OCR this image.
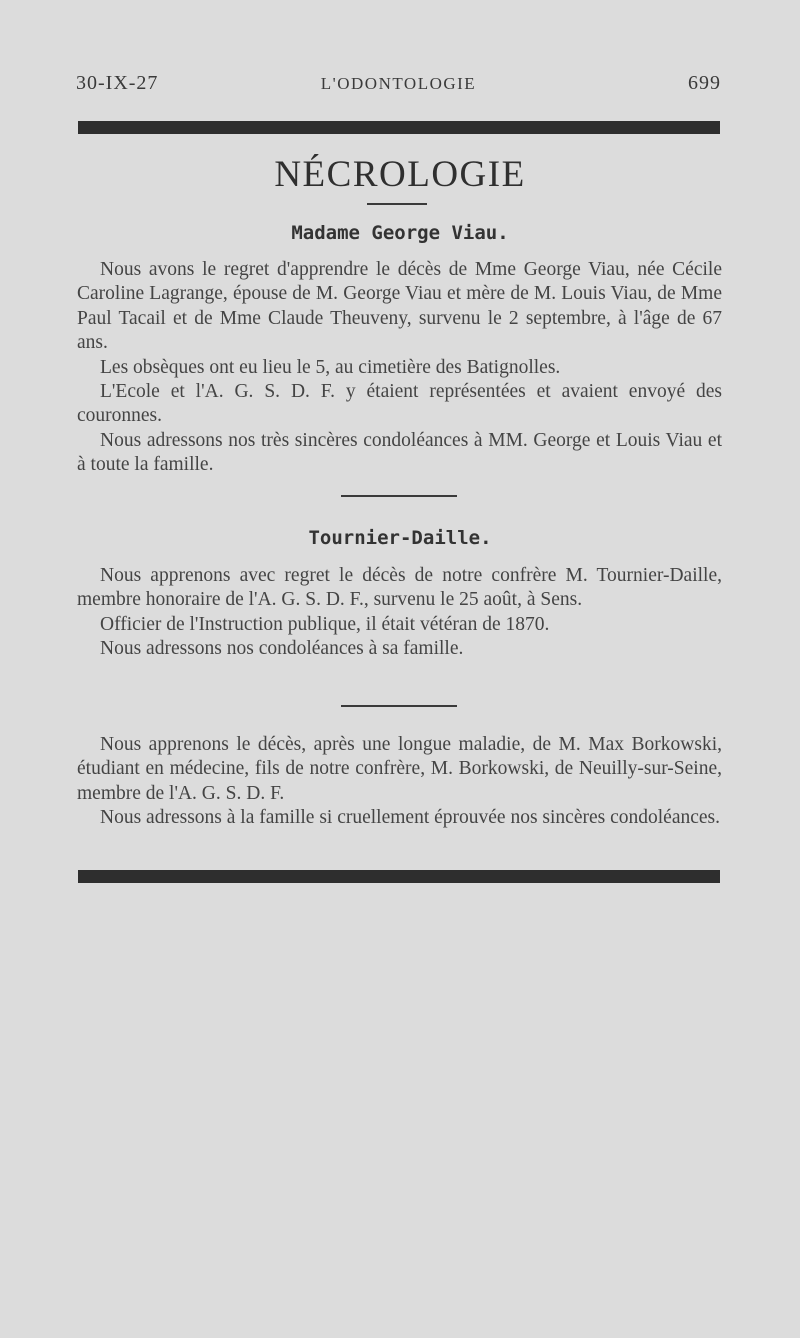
30-IX-27	L'ODONTOLOGIE	699
NÉCROLOGIE
Madame George Viau.

Nous avons le regret d'apprendre le décès de Mme George Viau, née Cécile Caroline Lagrange, épouse de M. George Viau et mère de M. Louis Viau, de Mme Paul Tacail et de Mme Claude Theuveny, survenu le 2 septembre, à l'âge de 67 ans.

Les obsèques ont eu lieu le 5, au cimetière des Batignolles.

L'Ecole et l'A. G. S. D. F. y étaient représentées et avaient envoyé des couronnes.

Nous adressons nos très sincères condoléances à MM. George et Louis Viau et à toute la famille.

Tournier-Daille.

Nous apprenons avec regret le décès de notre confrère M. Tournier-Daille, membre honoraire de l'A. G. S. D. F., survenu le 25 août, à Sens.

Officier de l'Instruction publique, il était vétéran de 1870.

Nous adressons nos condoléances à sa famille.

Nous apprenons le décès, après une longue maladie, de M. Max Borkowski, étudiant en médecine, fils de notre confrère, M. Borkowski, de Neuilly-sur-Seine, membre de l'A. G. S. D. F.

Nous adressons à la famille si cruellement éprouvée nos sincères condoléances.
